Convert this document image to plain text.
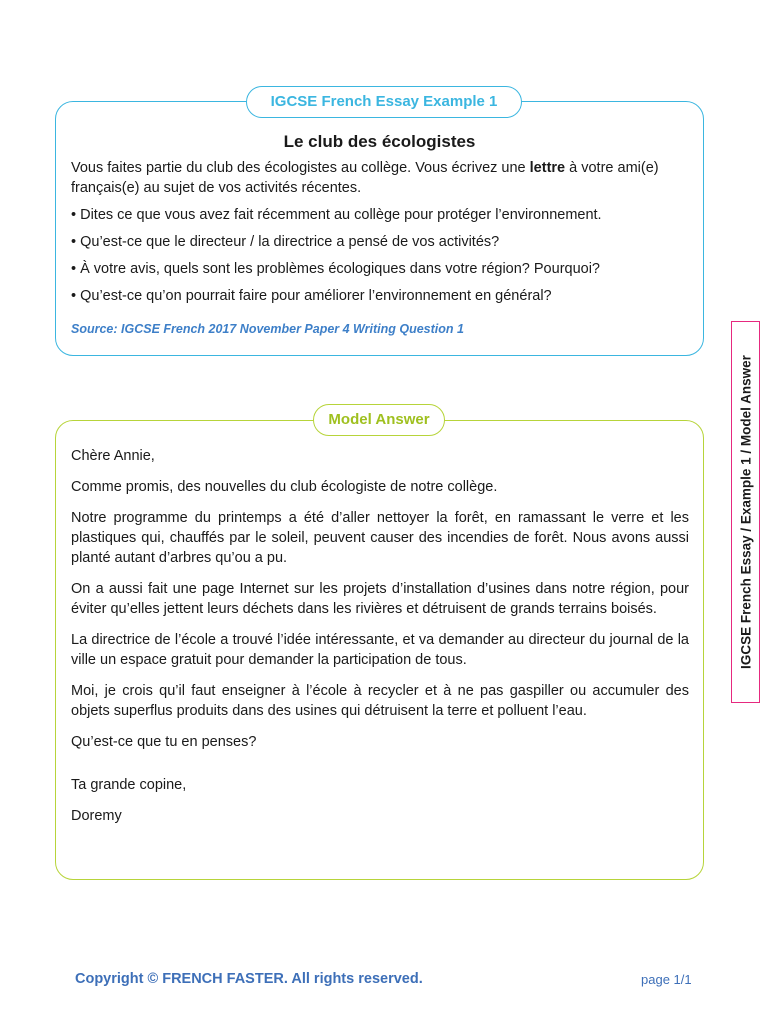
Le club des écologistes

Vous faites partie du club des écologistes au collège. Vous écrivez une lettre à votre ami(e) français(e) au sujet de vos activités récentes.

• Dites ce que vous avez fait récemment au collège pour protéger l’environnement.

• Qu’est-ce que le directeur / la directrice a pensé de vos activités?

• À votre avis, quels sont les problèmes écologiques dans votre région? Pourquoi?

• Qu’est-ce qu’on pourrait faire pour améliorer l’environnement en général?

Source: IGCSE French 2017 November Paper 4 Writing Question 1
IGCSE French Essay Example 1

Chère Annie,

Comme promis, des nouvelles du club écologiste de notre collège.

Notre programme du printemps a été d’aller nettoyer la forêt, en ramassant le verre et les plastiques qui, chauffés par le soleil, peuvent causer des incendies de forêt. Nous avons aussi planté autant d’arbres qu’ou a pu.

On a aussi fait une page Internet sur les projets d’installation d’usines dans notre région, pour éviter qu’elles jettent leurs déchets dans les rivières et détruisent de grands terrains boisés.

La directrice de l’école a trouvé l’idée intéressante, et va demander au directeur du journal de la ville un espace gratuit pour demander la participation de tous.

Moi, je crois qu’il faut enseigner à l’école à recycler et à ne pas gaspiller ou accumuler des objets superflus produits dans des usines qui détruisent la terre et polluent l’eau.

Qu’est-ce que tu en penses?

Ta grande copine,

Doremy

Model Answer	IGCSE French Essay / Example 1 / Model Answer
Copyright © FRENCH FASTER. All rights reserved.	page 1/1
